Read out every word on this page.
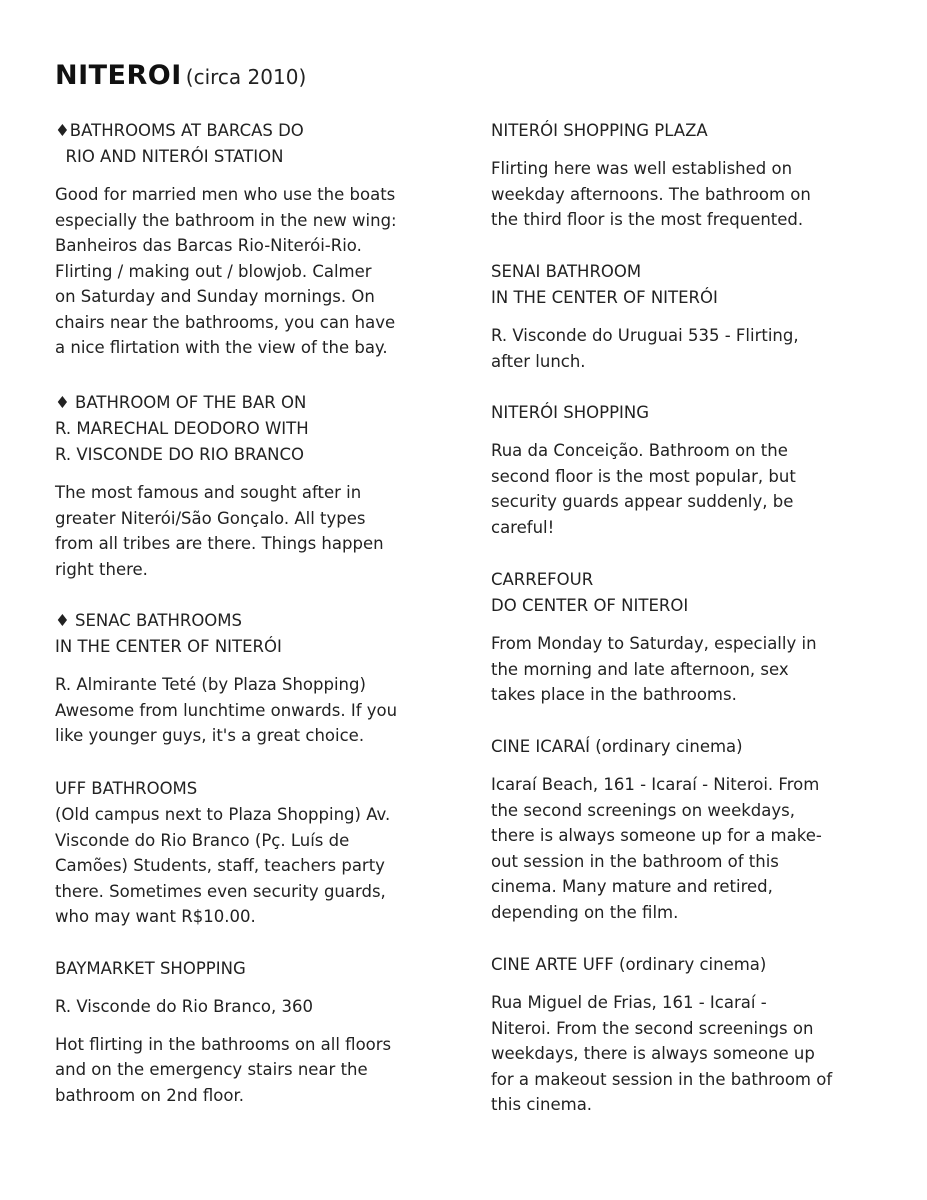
NITEROI (circa 2010)
♦BATHROOMS AT BARCAS DO
RIO AND NITERÓI STATION
Good for married men who use the boats
especially the bathroom in the new wing:
Banheiros das Barcas Rio-Niterói-Rio.
Flirting / making out / blowjob. Calmer
on Saturday and Sunday mornings. On
chairs near the bathrooms, you can have
a nice flirtation with the view of the bay.
♦ BATHROOM OF THE BAR ON
R. MARECHAL DEODORO WITH
R. VISCONDE DO RIO BRANCO
The most famous and sought after in
greater Niterói/São Gonçalo. All types
from all tribes are there. Things happen
right there.
♦ SENAC BATHROOMS
IN THE CENTER OF NITERÓI
R. Almirante Teté (by Plaza Shopping)
Awesome from lunchtime onwards. If you
like younger guys, it's a great choice.
UFF BATHROOMS
(Old campus next to Plaza Shopping) Av.
Visconde do Rio Branco (Pç. Luís de
Camões) Students, staff, teachers party
there. Sometimes even security guards,
who may want R$10.00.
BAYMARKET SHOPPING
R. Visconde do Rio Branco, 360
Hot flirting in the bathrooms on all floors
and on the emergency stairs near the
bathroom on 2nd floor.
NITERÓI SHOPPING PLAZA
Flirting here was well established on
weekday afternoons. The bathroom on
the third floor is the most frequented.
SENAI BATHROOM
IN THE CENTER OF NITERÓI
R. Visconde do Uruguai 535 - Flirting,
after lunch.
NITERÓI SHOPPING
Rua da Conceição. Bathroom on the
second floor is the most popular, but
security guards appear suddenly, be
careful!
CARREFOUR
DO CENTER OF NITEROI
From Monday to Saturday, especially in
the morning and late afternoon, sex
takes place in the bathrooms.
CINE ICARAÍ (ordinary cinema)
Icaraí Beach, 161 - Icaraí - Niteroi. From
the second screenings on weekdays,
there is always someone up for a make-
out session in the bathroom of this
cinema. Many mature and retired,
depending on the film.
CINE ARTE UFF (ordinary cinema)
Rua Miguel de Frias, 161 - Icaraí -
Niteroi. From the second screenings on
weekdays, there is always someone up
for a makeout session in the bathroom of
this cinema.
